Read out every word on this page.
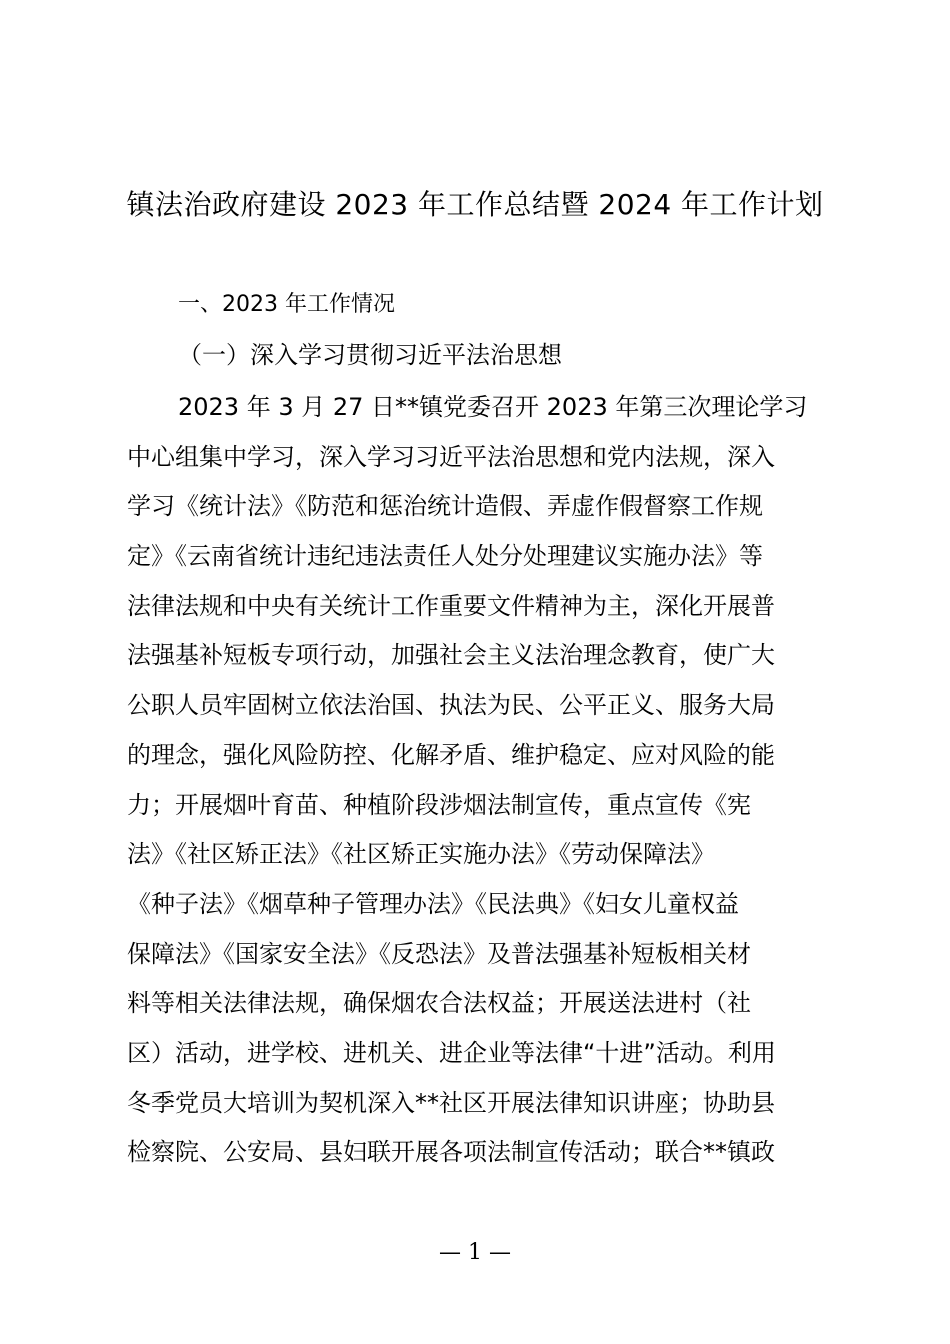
镇法治政府建设 2023 年工作总结暨 2024 年工作计划
一、2023 年工作情况
（一）深入学习贯彻习近平法治思想
2023 年 3 月 27 日**镇党委召开 2023 年第三次理论学习
中心组集中学习，深入学习习近平法治思想和党内法规，深入
学习《统计法》《防范和惩治统计造假、弄虚作假督察工作规
定》《云南省统计违纪违法责任人处分处理建议实施办法》等
法律法规和中央有关统计工作重要文件精神为主，深化开展普
法强基补短板专项行动，加强社会主义法治理念教育，使广大
公职人员牢固树立依法治国、执法为民、公平正义、服务大局
的理念，强化风险防控、化解矛盾、维护稳定、应对风险的能
力；开展烟叶育苗、种植阶段涉烟法制宣传，重点宣传《宪
法》《社区矫正法》《社区矫正实施办法》《劳动保障法》
《种子法》《烟草种子管理办法》《民法典》《妇女儿童权益
保障法》《国家安全法》《反恐法》及普法强基补短板相关材
料等相关法律法规，确保烟农合法权益；开展送法进村（社
区）活动，进学校、进机关、进企业等法律“十进”活动。利用
冬季党员大培训为契机深入**社区开展法律知识讲座；协助县
检察院、公安局、县妇联开展各项法制宣传活动；联合**镇政
— 1 —
